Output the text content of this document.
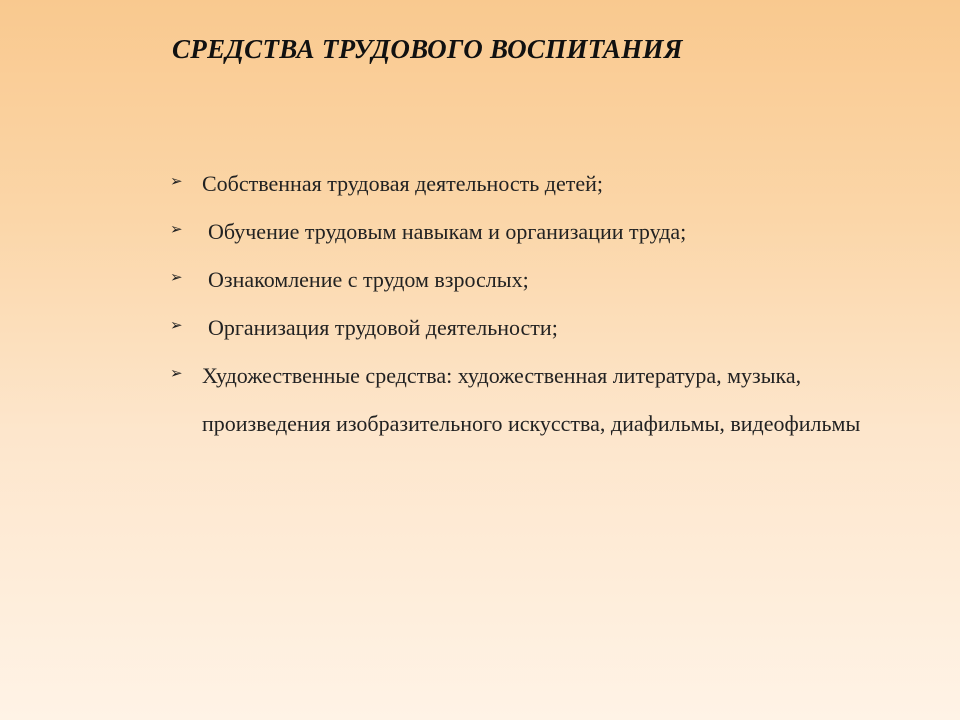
СРЕДСТВА ТРУДОВОГО ВОСПИТАНИЯ
➢ Собственная трудовая деятельность детей;
➢ Обучение трудовым навыкам и организации труда;
➢ Ознакомление с трудом взрослых;
➢ Организация трудовой деятельности;
➢ Художественные средства: художественная литература, музыка, произведения изобразительного искусства, диафильмы, видеофильмы
